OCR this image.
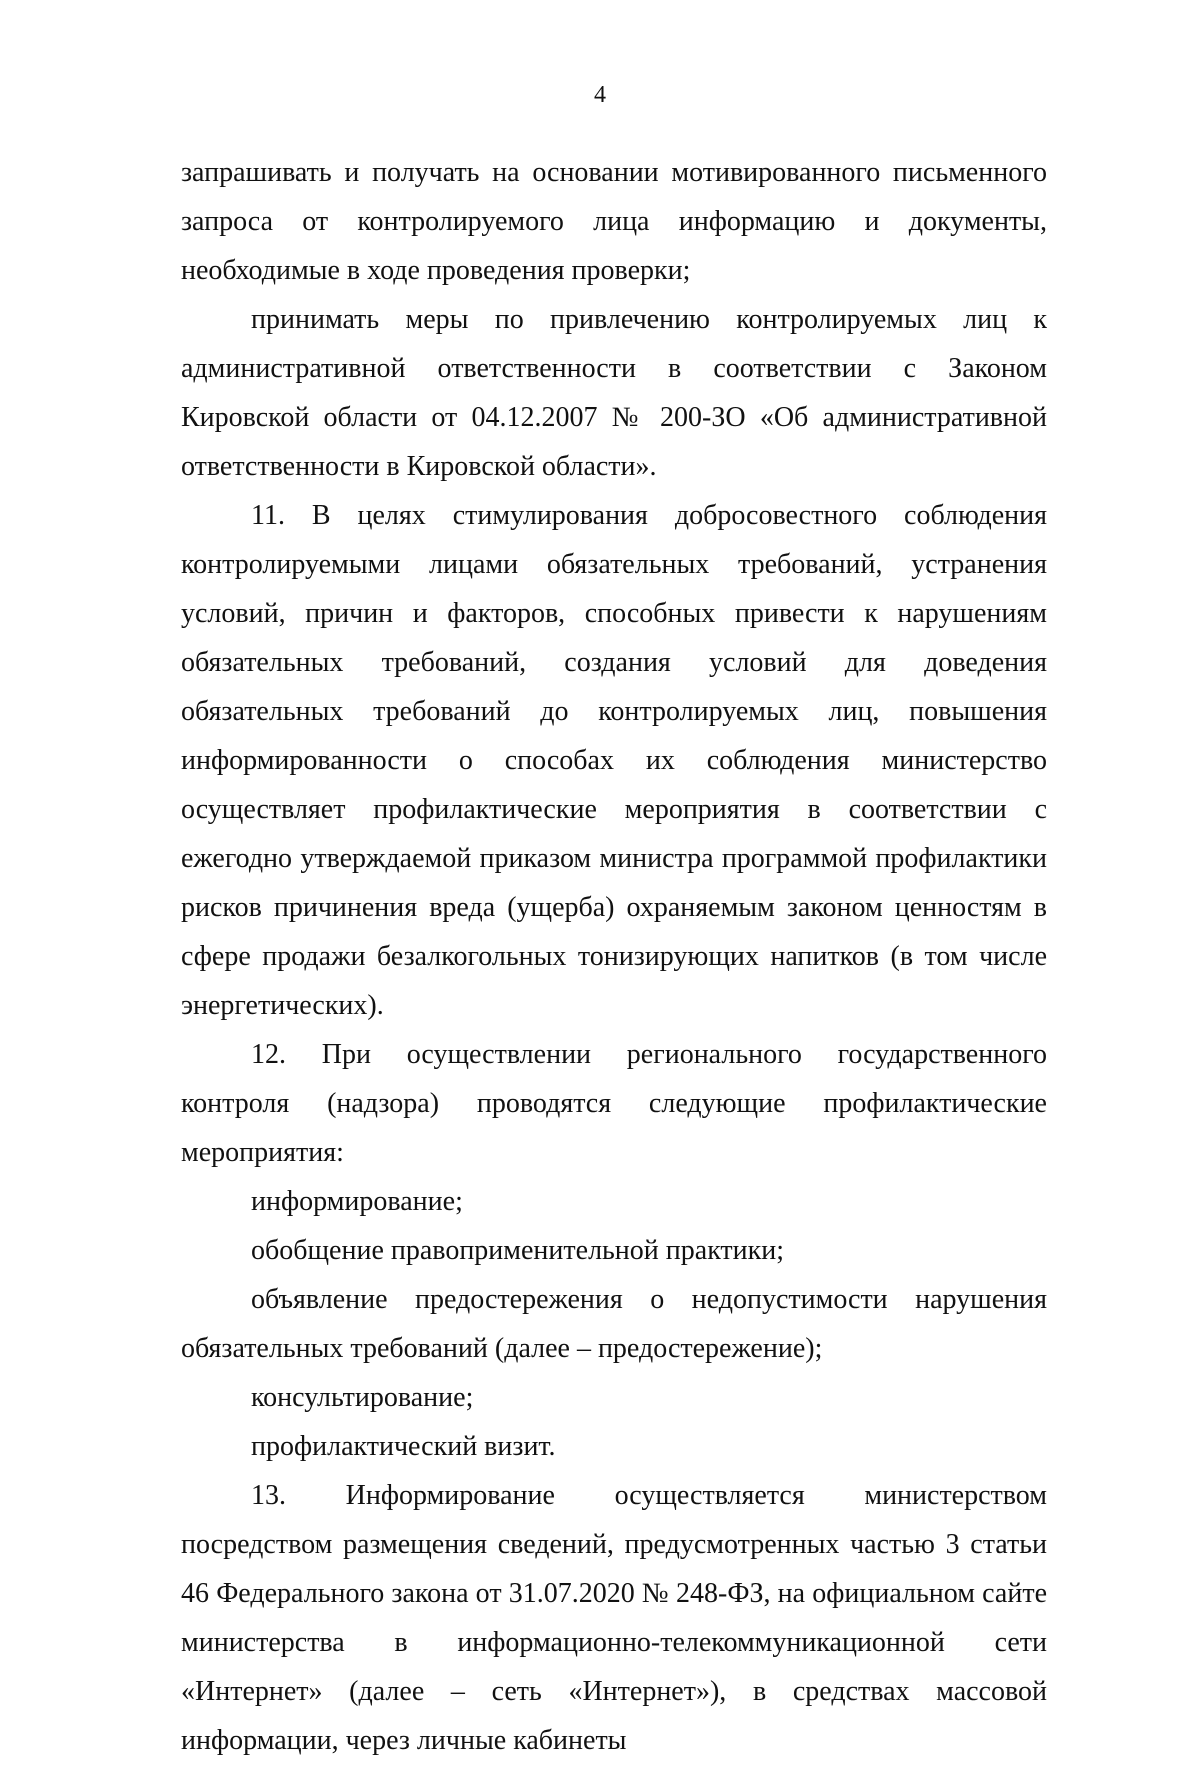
4

запрашивать и получать на основании мотивированного письменного запроса от контролируемого лица информацию и документы, необходимые в ходе проведения проверки;

принимать меры по привлечению контролируемых лиц к административной ответственности в соответствии с Законом Кировской области от 04.12.2007 № 200-ЗО «Об административной ответственности в Кировской области».

11. В целях стимулирования добросовестного соблюдения контролируемыми лицами обязательных требований, устранения условий, причин и факторов, способных привести к нарушениям обязательных требований, создания условий для доведения обязательных требований до контролируемых лиц, повышения информированности о способах их соблюдения министерство осуществляет профилактические мероприятия в соответствии с ежегодно утверждаемой приказом министра программой профилактики рисков причинения вреда (ущерба) охраняемым законом ценностям в сфере продажи безалкогольных тонизирующих напитков (в том числе энергетических).

12. При осуществлении регионального государственного контроля (надзора) проводятся следующие профилактические мероприятия:

информирование;

обобщение правоприменительной практики;

объявление предостережения о недопустимости нарушения обязательных требований (далее – предостережение);

консультирование;

профилактический визит.

13. Информирование осуществляется министерством посредством размещения сведений, предусмотренных частью 3 статьи 46 Федерального закона от 31.07.2020 № 248-ФЗ, на официальном сайте министерства в информационно-телекоммуникационной сети «Интернет» (далее – сеть «Интернет»), в средствах массовой информации, через личные кабинеты
